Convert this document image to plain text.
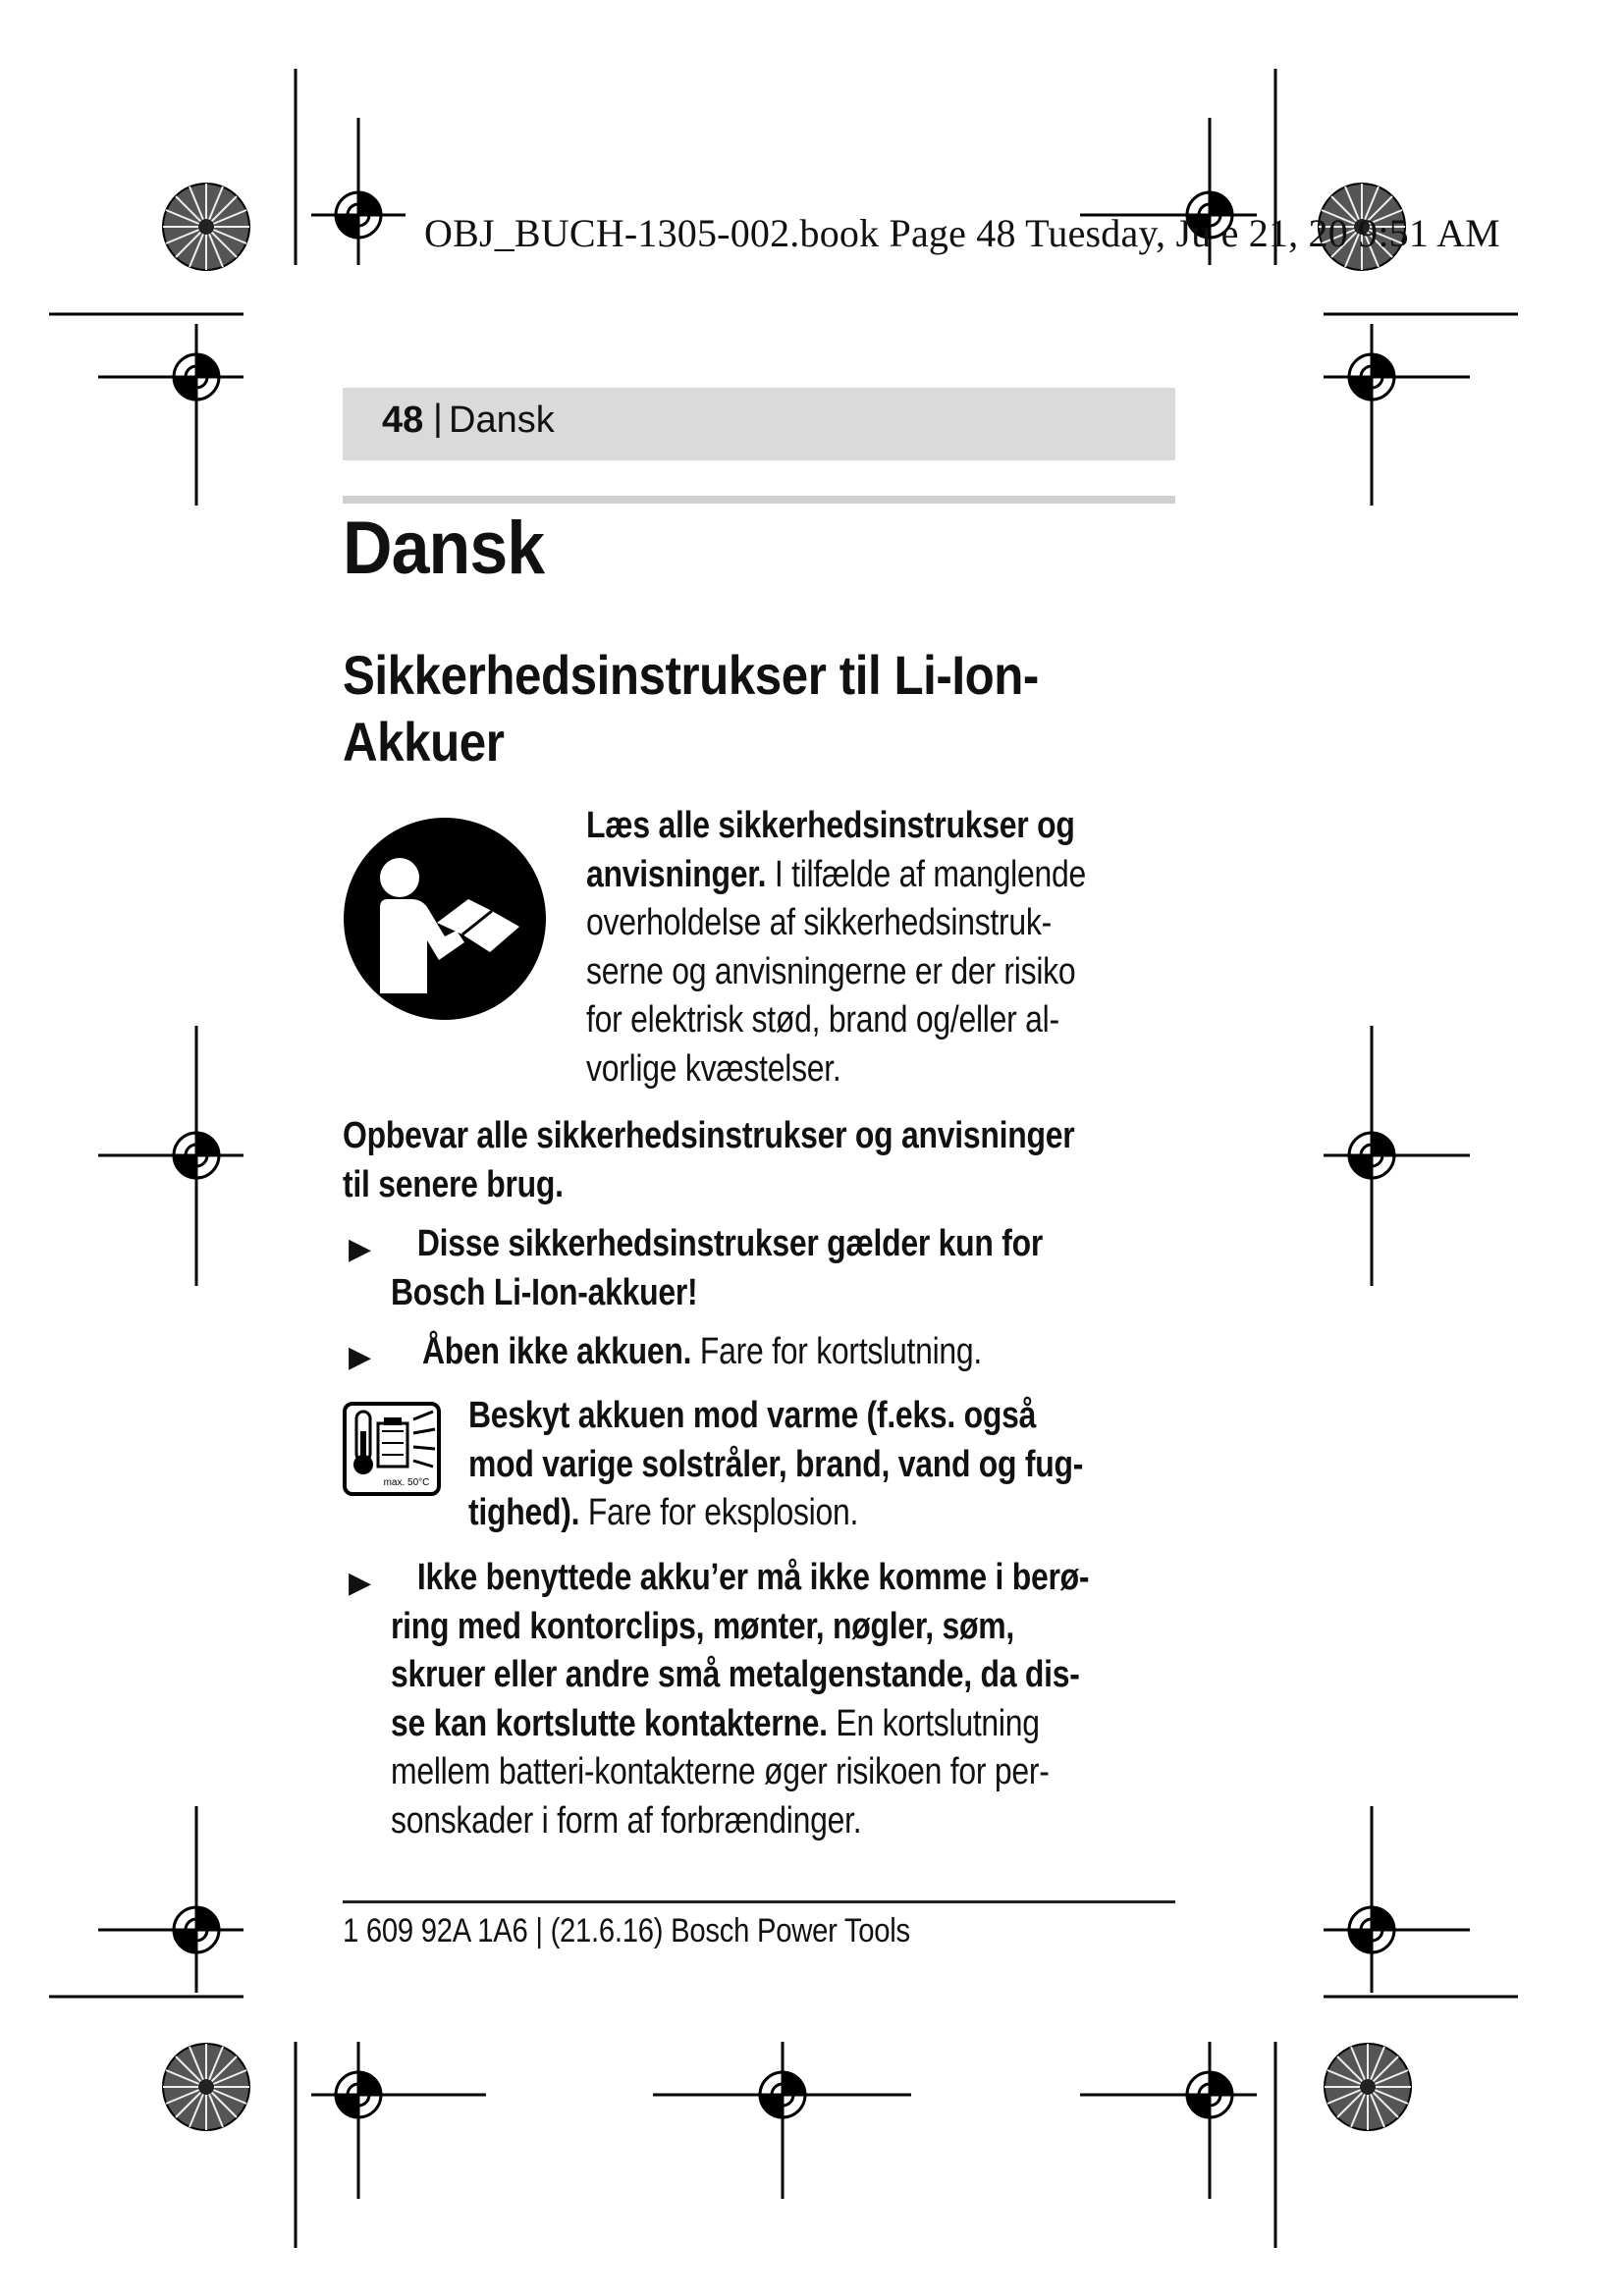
OBJ_BUCH-1305-002.book Page 48 Tuesday, Ju e 21, 20 9:51 AM
48 | Dansk
Dansk
Sikkerhedsinstrukser til Li-Ion-
Akkuer
Læs alle sikkerhedsinstrukser og
anvisninger. I tilfælde af manglende
overholdelse af sikkerhedsinstruk-
serne og anvisningerne er der risiko
for elektrisk stød, brand og/eller al-
vorlige kvæstelser.
Opbevar alle sikkerhedsinstrukser og anvisninger
til senere brug.
▶	Disse sikkerhedsinstrukser gælder kun for
Bosch Li-Ion-akkuer!
▶ Åben ikke akkuen. Fare for kortslutning.
max. 50°C
Beskyt akkuen mod varme (f.eks. også
mod varige solstråler, brand, vand og fug-
tighed). Fare for eksplosion.
▶	Ikke benyttede akku’er må ikke komme i berø-
ring med kontorclips, mønter, nøgler, søm,
skruer eller andre små metalgenstande, da dis-
se kan kortslutte kontakterne. En kortslutning
mellem batteri-kontakterne øger risikoen for per-
sonskader i form af forbrændinger.
1 609 92A 1A6 | (21.6.16) Bosch Power Tools
